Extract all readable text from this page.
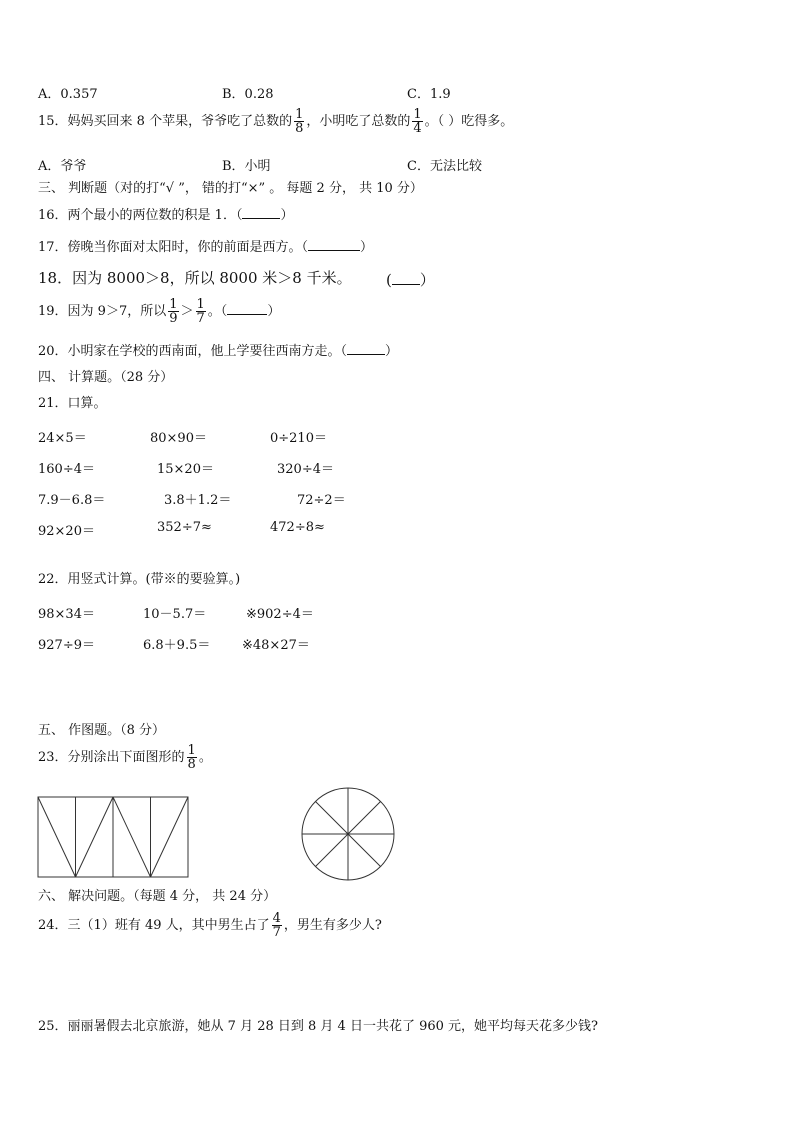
A．0.357	B．0.28	C．1.9
15．妈妈买回来 8 个苹果，爷爷吃了总数的 $\frac{1}{8}$ ，小明吃了总数的 $\frac{1}{4}$ 。（ ）吃得多。
A．爷爷	B．小明	C．无法比较
三、 判断题（对的打“√ ”， 错的打“×” 。 每题 2 分， 共 10 分）
16．两个最小的两位数的积是 1．（	）
17．傍晚当你面对太阳时，你的前面是西方。（	）
18．因为 8000＞8，所以 8000 米＞8 千米。 ( ）
19．因为 9＞7，所以 $\frac{1}{9} > \frac{1}{7}$ 。（	）
20．小明家在学校的西南面，他上学要往西南方走。（	）
四、 计算题。（28 分）
21．口算。
24×5＝	80×90＝	0÷210＝
160÷4＝	15×20＝	320÷4＝
7.9－6.8＝	3.8＋1.2＝	72÷2＝
92×20＝	352÷7≈	472÷8≈
22．用竖式计算。(带※的要验算。)
98×34＝	10－5.7＝	※902÷4＝
927÷9＝	6.8＋9.5＝ ※48×27＝
五、 作图题。（8 分）
23．分别涂出下面图形的 $\frac{1}{8}$ 。
六、 解决问题。（每题 4 分， 共 24 分）
24．三（1）班有 49 人，其中男生占了 $\frac{4}{7}$ ，男生有多少人?
25．丽丽暑假去北京旅游，她从 7 月 28 日到 8 月 4 日一共花了 960 元，她平均每天花多少钱?
